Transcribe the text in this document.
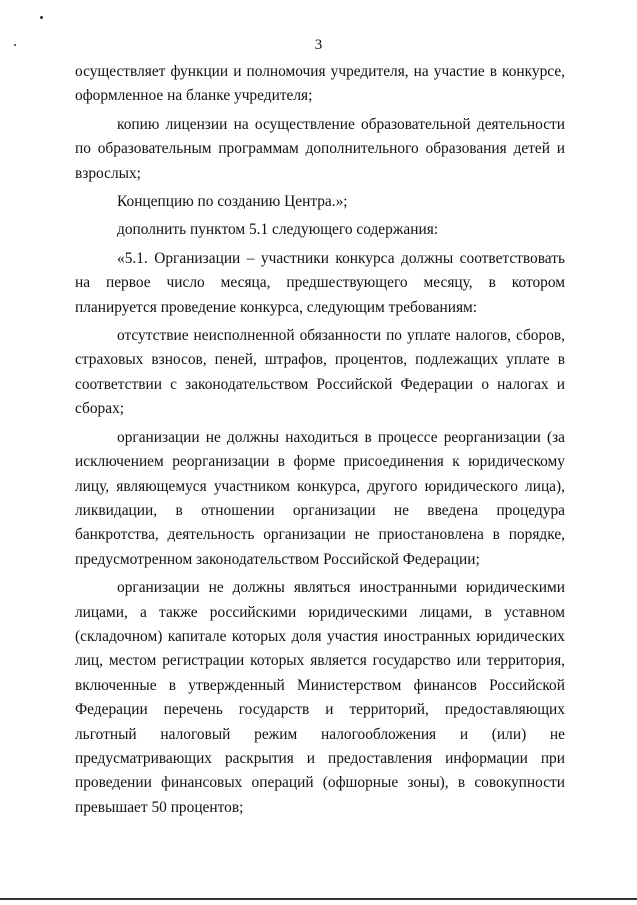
3

осуществляет функции и полномочия учредителя, на участие в конкурсе, оформленное на бланке учредителя;

копию лицензии на осуществление образовательной деятельности по образовательным программам дополнительного образования детей и взрослых;

Концепцию по созданию Центра.»;

дополнить пунктом 5.1 следующего содержания:

«5.1. Организации – участники конкурса должны соответствовать на первое число месяца, предшествующего месяцу, в котором планируется проведение конкурса, следующим требованиям:

отсутствие неисполненной обязанности по уплате налогов, сборов, страховых взносов, пеней, штрафов, процентов, подлежащих уплате в соответствии с законодательством Российской Федерации о налогах и сборах;

организации не должны находиться в процессе реорганизации (за исключением реорганизации в форме присоединения к юридическому лицу, являющемуся участником конкурса, другого юридического лица), ликвидации, в отношении организации не введена процедура банкротства, деятельность организации не приостановлена в порядке, предусмотренном законодательством Российской Федерации;

организации не должны являться иностранными юридическими лицами, а также российскими юридическими лицами, в уставном (складочном) капитале которых доля участия иностранных юридических лиц, местом регистрации которых является государство или территория, включенные в утвержденный Министерством финансов Российской Федерации перечень государств и территорий, предоставляющих льготный налоговый режим налогообложения и (или) не предусматривающих раскрытия и предоставления информации при проведении финансовых операций (офшорные зоны), в совокупности превышает 50 процентов;
